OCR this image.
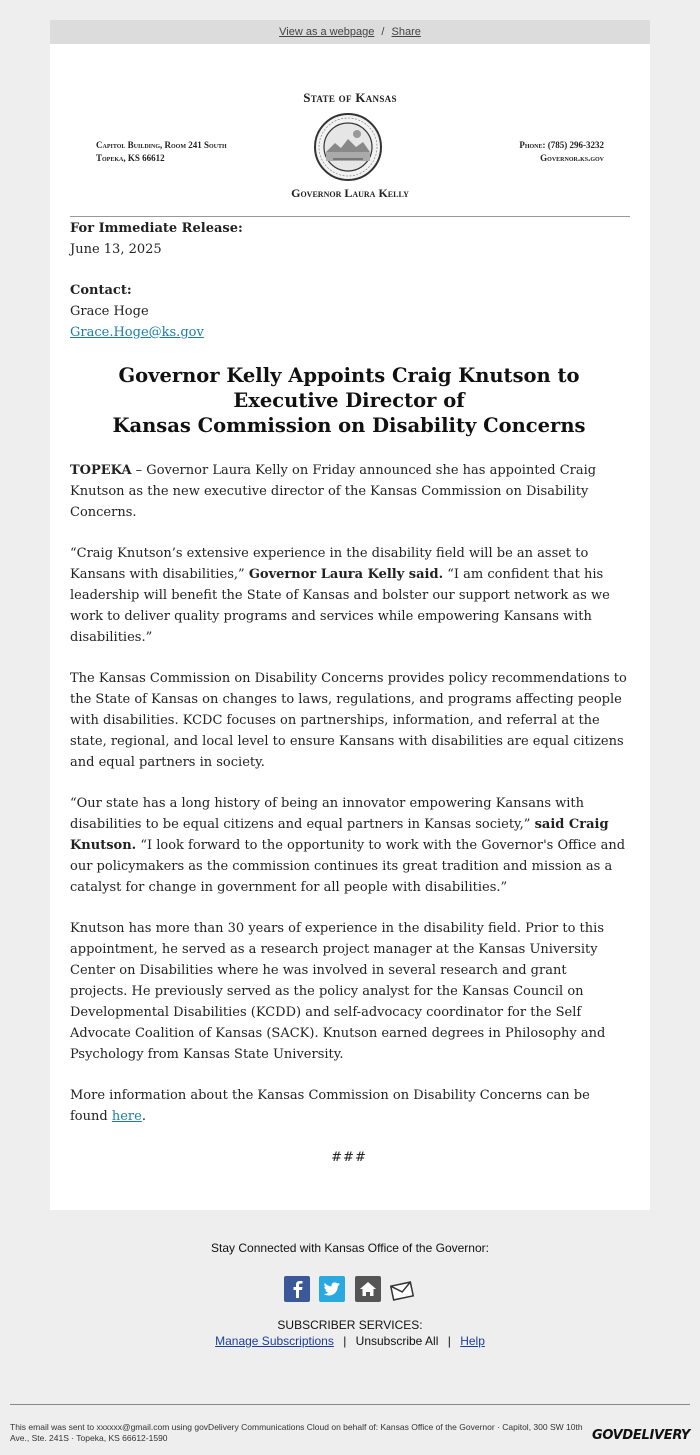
View as a webpage / Share
State of Kansas
Capitol Building, Room 241 South
Topeka, KS 66612
Phone: (785) 296-3232
Governor.ks.gov
Governor Laura Kelly

For Immediate Release:
June 13, 2025

Contact:
Grace Hoge
Grace.Hoge@ks.gov

Governor Kelly Appoints Craig Knutson to
Executive Director of
Kansas Commission on Disability Concerns

TOPEKA – Governor Laura Kelly on Friday announced she has appointed Craig Knutson as the new executive director of the Kansas Commission on Disability Concerns.

“Craig Knutson’s extensive experience in the disability field will be an asset to Kansans with disabilities,” Governor Laura Kelly said. “I am confident that his leadership will benefit the State of Kansas and bolster our support network as we work to deliver quality programs and services while empowering Kansans with disabilities.”

The Kansas Commission on Disability Concerns provides policy recommendations to the State of Kansas on changes to laws, regulations, and programs affecting people with disabilities. KCDC focuses on partnerships, information, and referral at the state, regional, and local level to ensure Kansans with disabilities are equal citizens and equal partners in society.

“Our state has a long history of being an innovator empowering Kansans with disabilities to be equal citizens and equal partners in Kansas society,” said Craig Knutson. “I look forward to the opportunity to work with the Governor's Office and our policymakers as the commission continues its great tradition and mission as a catalyst for change in government for all people with disabilities.”

Knutson has more than 30 years of experience in the disability field. Prior to this appointment, he served as a research project manager at the Kansas University Center on Disabilities where he was involved in several research and grant projects. He previously served as the policy analyst for the Kansas Council on Developmental Disabilities (KCDD) and self-advocacy coordinator for the Self Advocate Coalition of Kansas (SACK). Knutson earned degrees in Philosophy and Psychology from Kansas State University.

More information about the Kansas Commission on Disability Concerns can be found here.

###
Stay Connected with Kansas Office of the Governor:

SUBSCRIBER SERVICES:
Manage Subscriptions | Unsubscribe All | Help
This email was sent to xxxxxx@gmail.com using govDelivery Communications Cloud on behalf of: Kansas Office of the Governor · Capitol, 300 SW 10th Ave., Ste. 241S · Topeka, KS 66612-1590	GOVDELIVERY
